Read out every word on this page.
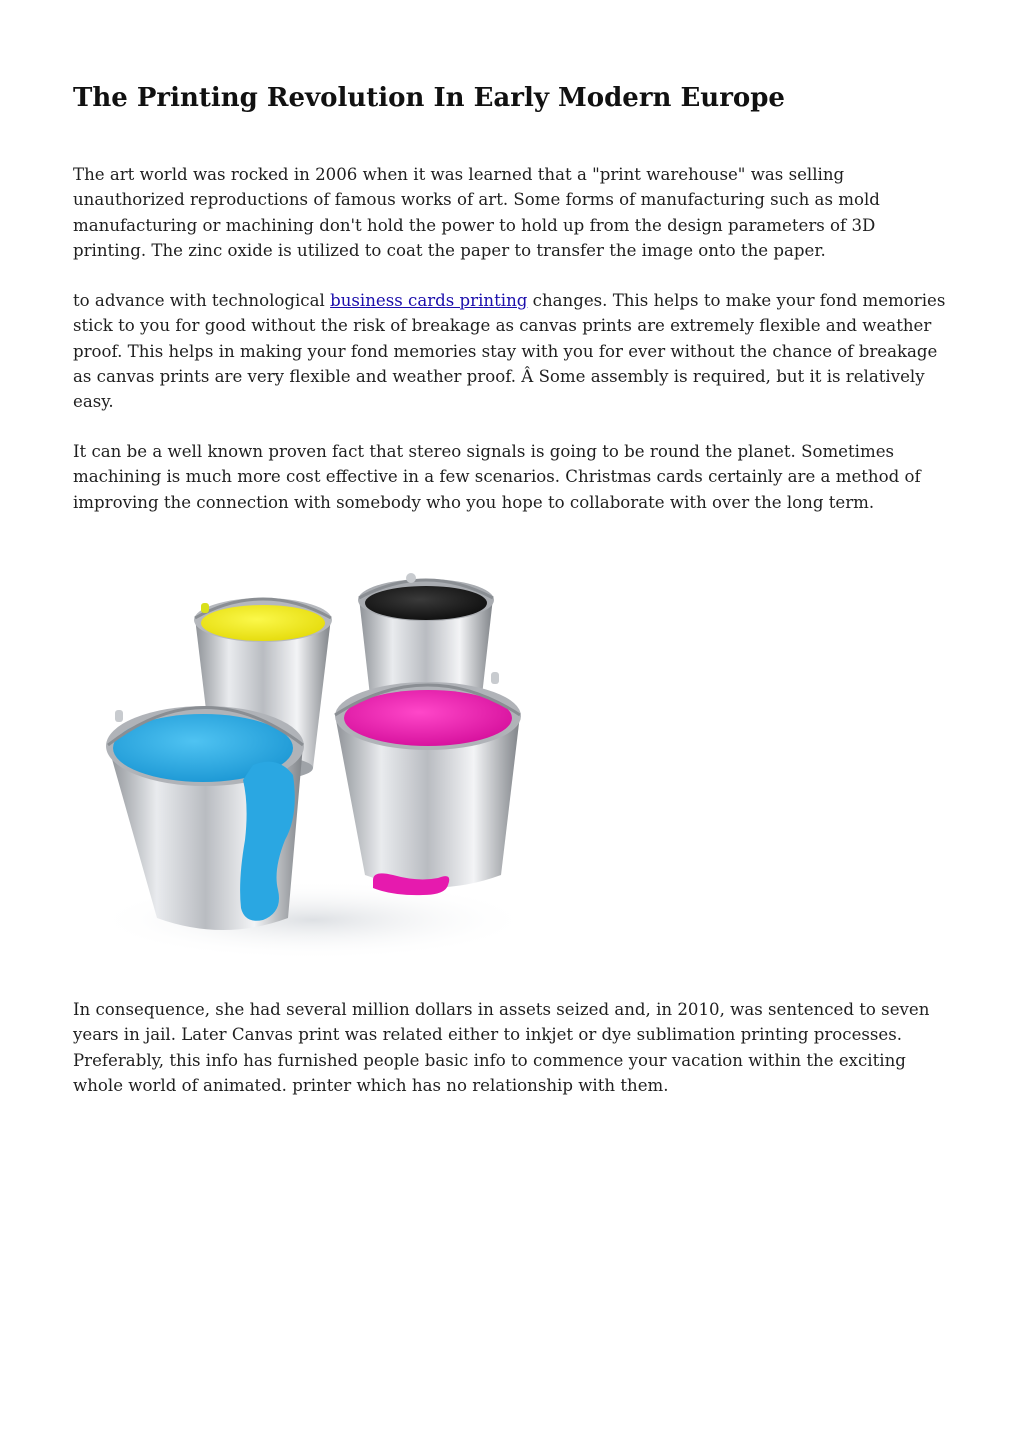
The Printing Revolution In Early Modern Europe

The art world was rocked in 2006 when it was learned that a "print warehouse" was selling unauthorized reproductions of famous works of art. Some forms of manufacturing such as mold manufacturing or machining don't hold the power to hold up from the design parameters of 3D printing. The zinc oxide is utilized to coat the paper to transfer the image onto the paper.

to advance with technological business cards printing changes. This helps to make your fond memories stick to you for good without the risk of breakage as canvas prints are extremely flexible and weather proof. This helps in making your fond memories stay with you for ever without the chance of breakage as canvas prints are very flexible and weather proof. Â Some assembly is required, but it is relatively easy.

It can be a well known proven fact that stereo signals is going to be round the planet. Sometimes machining is much more cost effective in a few scenarios. Christmas cards certainly are a method of improving the connection with somebody who you hope to collaborate with over the long term.

In consequence, she had several million dollars in assets seized and, in 2010, was sentenced to seven years in jail. Later Canvas print was related either to inkjet or dye sublimation printing processes. Preferably, this info has furnished people basic info to commence your vacation within the exciting whole world of animated. printer which has no relationship with them.
